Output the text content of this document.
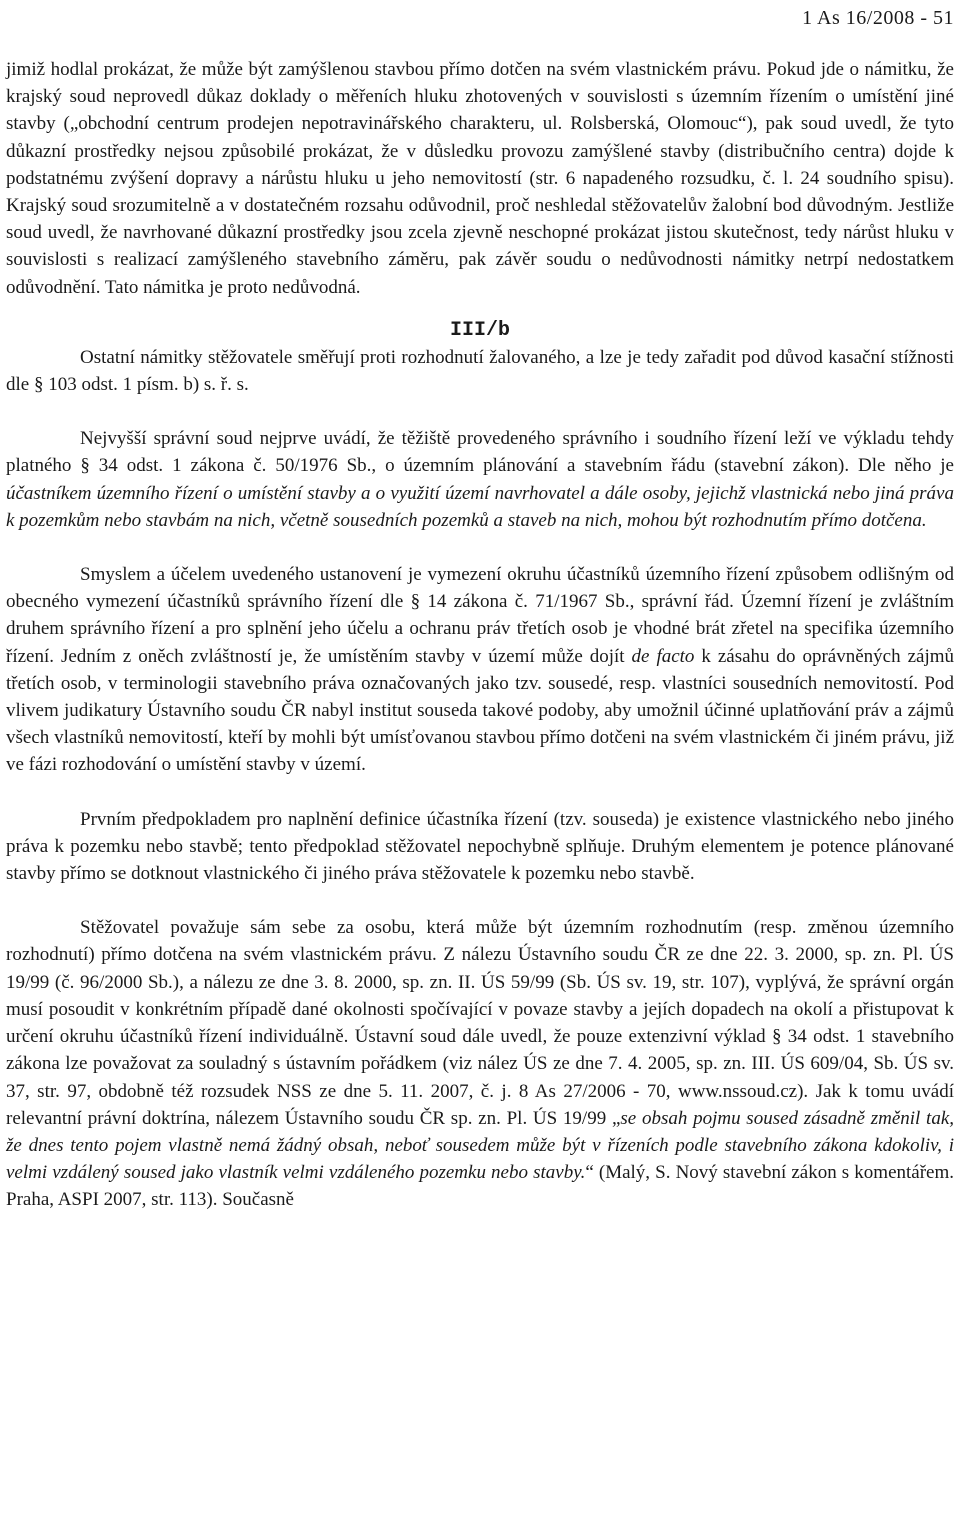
1 As 16/2008 - 51

jimiž hodlal prokázat, že může být zamýšlenou stavbou přímo dotčen na svém vlastnickém právu. Pokud jde o námitku, že krajský soud neprovedl důkaz doklady o měřeních hluku zhotovených v souvislosti s územním řízením o umístění jiné stavby („obchodní centrum prodejen nepotravinářského charakteru, ul. Rolsberská, Olomouc“), pak soud uvedl, že tyto důkazní prostředky nejsou způsobilé prokázat, že v důsledku provozu zamýšlené stavby (distribučního centra) dojde k podstatnému zvýšení dopravy a nárůstu hluku u jeho nemovitostí (str. 6 napadeného rozsudku, č. l. 24 soudního spisu). Krajský soud srozumitelně a v dostatečném rozsahu odůvodnil, proč neshledal stěžovatelův žalobní bod důvodným. Jestliže soud uvedl, že navrhované důkazní prostředky jsou zcela zjevně neschopné prokázat jistou skutečnost, tedy nárůst hluku v souvislosti s realizací zamýšleného stavebního záměru, pak závěr soudu o nedůvodnosti námitky netrpí nedostatkem odůvodnění. Tato námitka je proto nedůvodná.

III/b

Ostatní námitky stěžovatele směřují proti rozhodnutí žalovaného, a lze je tedy zařadit pod důvod kasační stížnosti dle § 103 odst. 1 písm. b) s. ř. s.

Nejvyšší správní soud nejprve uvádí, že těžiště provedeného správního i soudního řízení leží ve výkladu tehdy platného § 34 odst. 1 zákona č. 50/1976 Sb., o územním plánování a stavebním řádu (stavební zákon). Dle něho je účastníkem územního řízení o umístění stavby a o využití území navrhovatel a dále osoby, jejichž vlastnická nebo jiná práva k pozemkům nebo stavbám na nich, včetně sousedních pozemků a staveb na nich, mohou být rozhodnutím přímo dotčena.

Smyslem a účelem uvedeného ustanovení je vymezení okruhu účastníků územního řízení způsobem odlišným od obecného vymezení účastníků správního řízení dle § 14 zákona č. 71/1967 Sb., správní řád. Územní řízení je zvláštním druhem správního řízení a pro splnění jeho účelu a ochranu práv třetích osob je vhodné brát zřetel na specifika územního řízení. Jedním z oněch zvláštností je, že umístěním stavby v území může dojít de facto k zásahu do oprávněných zájmů třetích osob, v terminologii stavebního práva označovaných jako tzv. sousedé, resp. vlastníci sousedních nemovitostí. Pod vlivem judikatury Ústavního soudu ČR nabyl institut souseda takové podoby, aby umožnil účinné uplatňování práv a zájmů všech vlastníků nemovitostí, kteří by mohli být umísťovanou stavbou přímo dotčeni na svém vlastnickém či jiném právu, již ve fázi rozhodování o umístění stavby v území.

Prvním předpokladem pro naplnění definice účastníka řízení (tzv. souseda) je existence vlastnického nebo jiného práva k pozemku nebo stavbě; tento předpoklad stěžovatel nepochybně splňuje. Druhým elementem je potence plánované stavby přímo se dotknout vlastnického či jiného práva stěžovatele k pozemku nebo stavbě.

Stěžovatel považuje sám sebe za osobu, která může být územním rozhodnutím (resp. změnou územního rozhodnutí) přímo dotčena na svém vlastnickém právu. Z nálezu Ústavního soudu ČR ze dne 22. 3. 2000, sp. zn. Pl. ÚS 19/99 (č. 96/2000 Sb.), a nálezu ze dne 3. 8. 2000, sp. zn. II. ÚS 59/99 (Sb. ÚS sv. 19, str. 107), vyplývá, že správní orgán musí posoudit v konkrétním případě dané okolnosti spočívající v povaze stavby a jejích dopadech na okolí a přistupovat k určení okruhu účastníků řízení individuálně. Ústavní soud dále uvedl, že pouze extenzivní výklad § 34 odst. 1 stavebního zákona lze považovat za souladný s ústavním pořádkem (viz nález ÚS ze dne 7. 4. 2005, sp. zn. III. ÚS 609/04, Sb. ÚS sv. 37, str. 97, obdobně též rozsudek NSS ze dne 5. 11. 2007, č. j. 8 As 27/2006 - 70, www.nssoud.cz). Jak k tomu uvádí relevantní právní doktrína, nálezem Ústavního soudu ČR sp. zn. Pl. ÚS 19/99 „se obsah pojmu soused zásadně změnil tak, že dnes tento pojem vlastně nemá žádný obsah, neboť sousedem může být v řízeních podle stavebního zákona kdokoliv, i velmi vzdálený soused jako vlastník velmi vzdáleného pozemku nebo stavby.“ (Malý, S. Nový stavební zákon s komentářem. Praha, ASPI 2007, str. 113). Současně
